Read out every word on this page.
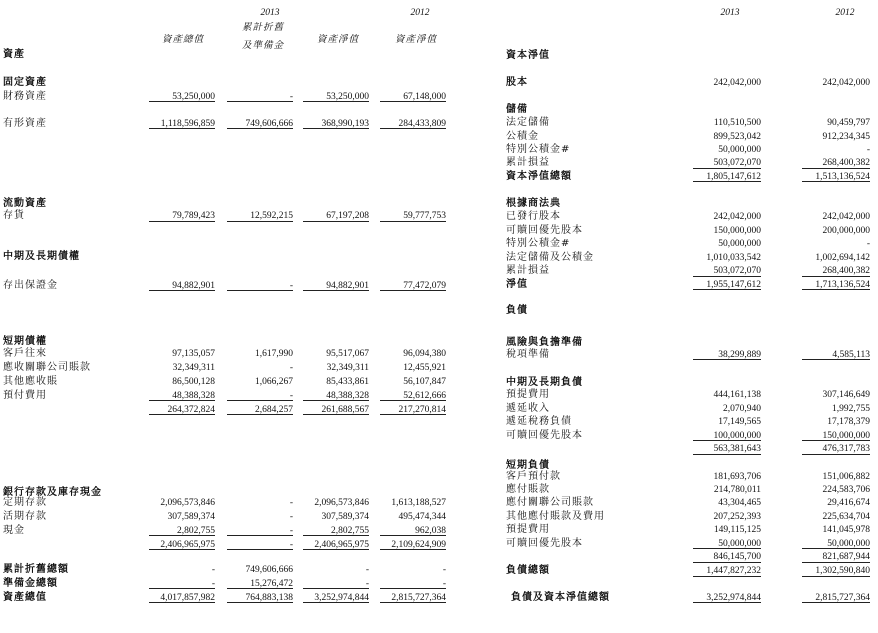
2013	2012
累計折舊
資產總值
及準備金
資產淨值	資產淨值
2013	2012
資產	資本淨值
固定資產
財務資產	53,250,000	-	53,250,000	67,148,000
有形資產	1,118,596,859	749,606,666	368,990,193	284,433,809
流動資產
存貨	79,789,423	12,592,215	67,197,208	59,777,753
中期及長期債權
存出保證金	94,882,901	-	94,882,901	77,472,079
短期債權
客戶往來	97,135,057	1,617,990	95,517,067	96,094,380
應收關聯公司賬款	32,349,311	-	32,349,311	12,455,921
其他應收賬	86,500,128	1,066,267	85,433,861	56,107,847
預付費用	48,388,328	-	48,388,328	52,612,666
264,372,824	2,684,257	261,688,567	217,270,814
銀行存款及庫存現金
定期存款	2,096,573,846	-	2,096,573,846	1,613,188,527
活期存款	307,589,374	-	307,589,374	495,474,344
現金	2,802,755	-	2,802,755	962,038
2,406,965,975	-	2,406,965,975	2,109,624,909
累計折舊總額	-	749,606,666	-	-
準備金總額	-	15,276,472	-	-
資產總值	4,017,857,982	764,883,138	3,252,974,844	2,815,727,364
股本	242,042,000	242,042,000
儲備
法定儲備	110,510,500	90,459,797
公積金	899,523,042	912,234,345
特別公積金#	50,000,000	-
累計損益	503,072,070	268,400,382
資本淨值總額	1,805,147,612	1,513,136,524
根據商法典
已發行股本	242,042,000	242,042,000
可贖回優先股本	150,000,000	200,000,000
特別公積金#	50,000,000	-
法定儲備及公積金	1,010,033,542	1,002,694,142
累計損益	503,072,070	268,400,382
淨值	1,955,147,612	1,713,136,524
負債
風險與負擔準備
稅項準備	38,299,889	4,585,113
中期及長期負債
預提費用	444,161,138	307,146,649
遞延收入	2,070,940	1,992,755
遞延稅務負債	17,149,565	17,178,379
可贖回優先股本	100,000,000	150,000,000
563,381,643	476,317,783
短期負債
客戶預付款	181,693,706	151,006,882
應付賬款	214,780,011	224,583,706
應付關聯公司賬款	43,304,465	29,416,674
其他應付賬款及費用	207,252,393	225,634,704
預提費用	149,115,125	141,045,978
可贖回優先股本	50,000,000	50,000,000
846,145,700	821,687,944
負債總額	1,447,827,232	1,302,590,840
負債及資本淨值總額	3,252,974,844	2,815,727,364
